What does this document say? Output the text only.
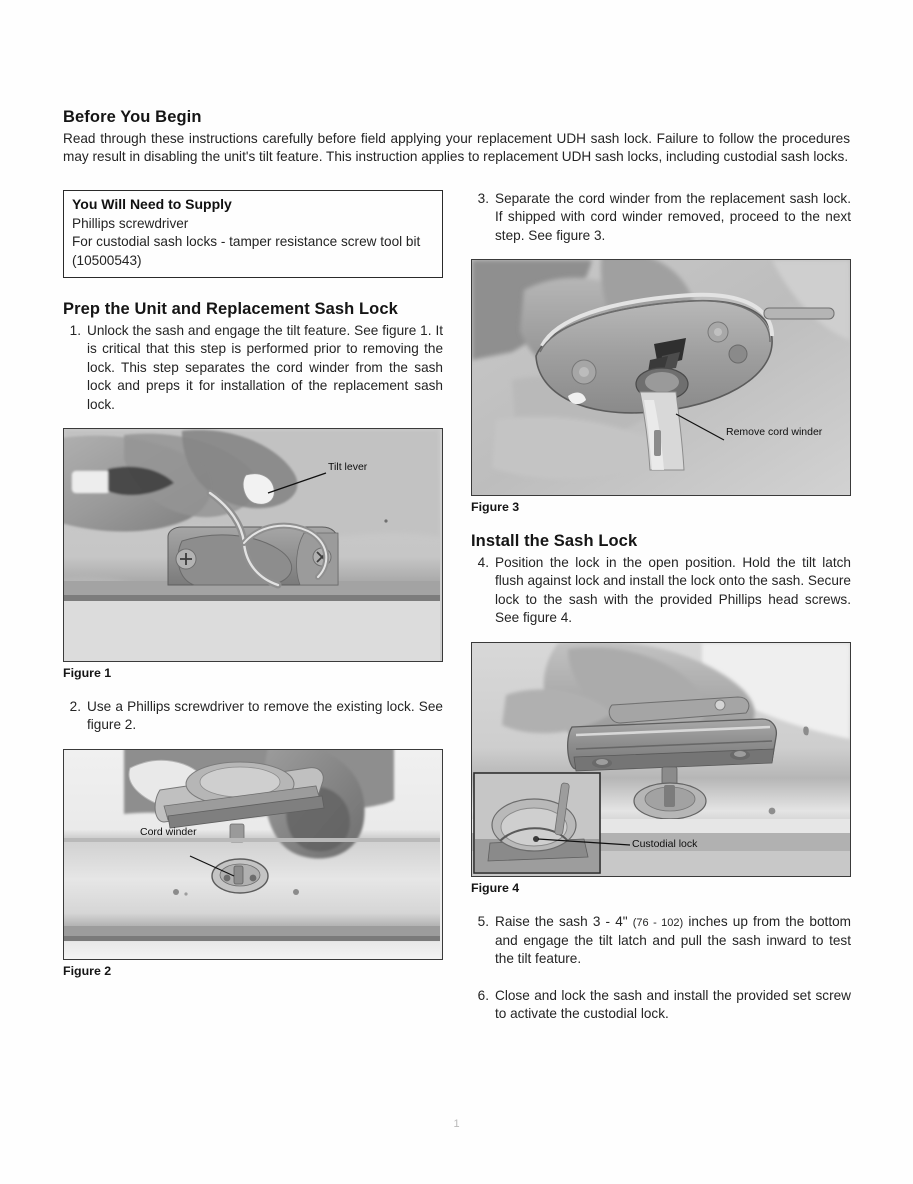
Before You Begin

Read through these instructions carefully before field applying your replacement UDH sash lock. Failure to follow the procedures may result in disabling the unit's tilt feature. This instruction applies to replacement UDH sash locks, including custodial sash locks.

You Will Need to Supply
Phillips screwdriver
For custodial sash locks - tamper resistance screw tool bit (10500543)
Prep the Unit and Replacement Sash Lock
1. Unlock the sash and engage the tilt feature. See figure 1. It is critical that this step is performed prior to removing the lock. This step separates the cord winder from the sash lock and preps it for installation of the replacement sash lock.
Tilt lever
Figure 1
2. Use a Phillips screwdriver to remove the existing lock. See figure 2.
Cord winder
Figure 2
3. Separate the cord winder from the replacement sash lock. If shipped with cord winder removed, proceed to the next step. See figure 3.
Remove cord winder
Figure 3
Install the Sash Lock
4. Position the lock in the open position. Hold the tilt latch flush against lock and install the lock onto the sash. Secure lock to the sash with the provided Phillips head screws. See figure 4.
Custodial lock
Figure 4
5. Raise the sash 3 - 4" (76 - 102) inches up from the bottom and engage the tilt latch and pull the sash inward to test the tilt feature.
6. Close and lock the sash and install the provided set screw to activate the custodial lock.
1
